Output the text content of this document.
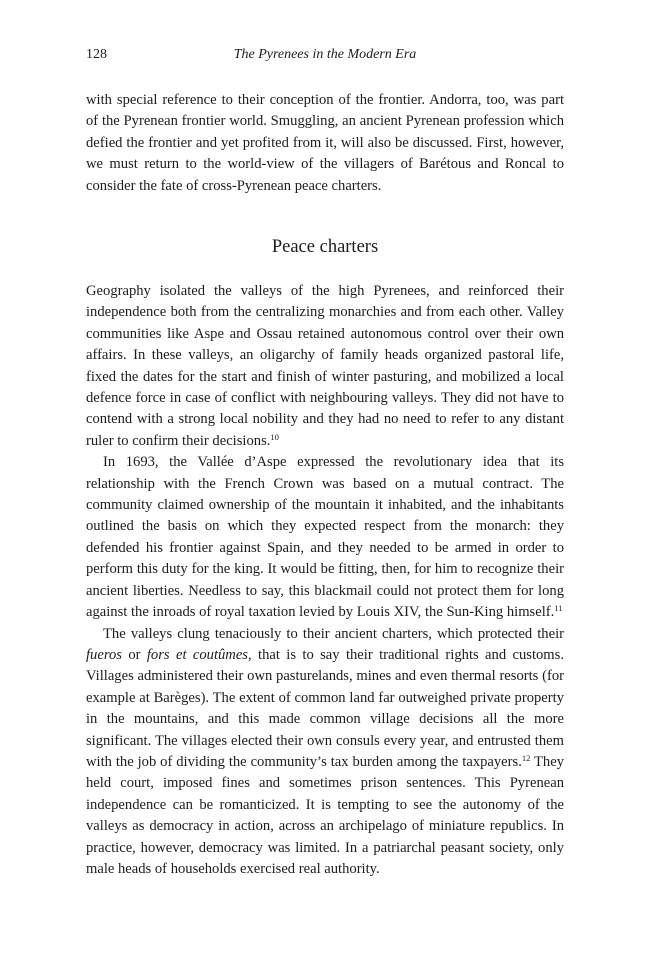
128	The Pyrenees in the Modern Era

with special reference to their conception of the frontier. Andorra, too, was part of the Pyrenean frontier world. Smuggling, an ancient Pyrenean profession which defied the frontier and yet profited from it, will also be discussed. First, however, we must return to the world-view of the villagers of Barétous and Roncal to consider the fate of cross-Pyrenean peace charters.

Peace charters

Geography isolated the valleys of the high Pyrenees, and reinforced their independence both from the centralizing monarchies and from each other. Valley communities like Aspe and Ossau retained autonomous control over their own affairs. In these valleys, an oligarchy of family heads organized pastoral life, fixed the dates for the start and finish of winter pasturing, and mobilized a local defence force in case of conflict with neighbouring valleys. They did not have to contend with a strong local nobility and they had no need to refer to any distant ruler to confirm their decisions.$^{10}$

In 1693, the Vallée d’Aspe expressed the revolutionary idea that its relationship with the French Crown was based on a mutual contract. The community claimed ownership of the mountain it inhabited, and the inhabitants outlined the basis on which they expected respect from the monarch: they defended his frontier against Spain, and they needed to be armed in order to perform this duty for the king. It would be fitting, then, for him to recognize their ancient liberties. Needless to say, this blackmail could not protect them for long against the inroads of royal taxation levied by Louis XIV, the Sun-King himself.$^{11}$

The valleys clung tenaciously to their ancient charters, which protected their fueros or fors et coutûmes, that is to say their traditional rights and customs. Villages administered their own pasturelands, mines and even thermal resorts (for example at Barèges). The extent of common land far outweighed private property in the mountains, and this made common village decisions all the more significant. The villages elected their own consuls every year, and entrusted them with the job of dividing the community’s tax burden among the taxpayers.$^{12}$ They held court, imposed fines and sometimes prison sentences. This Pyrenean independence can be romanticized. It is tempting to see the autonomy of the valleys as democracy in action, across an archipelago of miniature republics. In practice, however, democracy was limited. In a patriarchal peasant society, only male heads of households exercised real authority.
